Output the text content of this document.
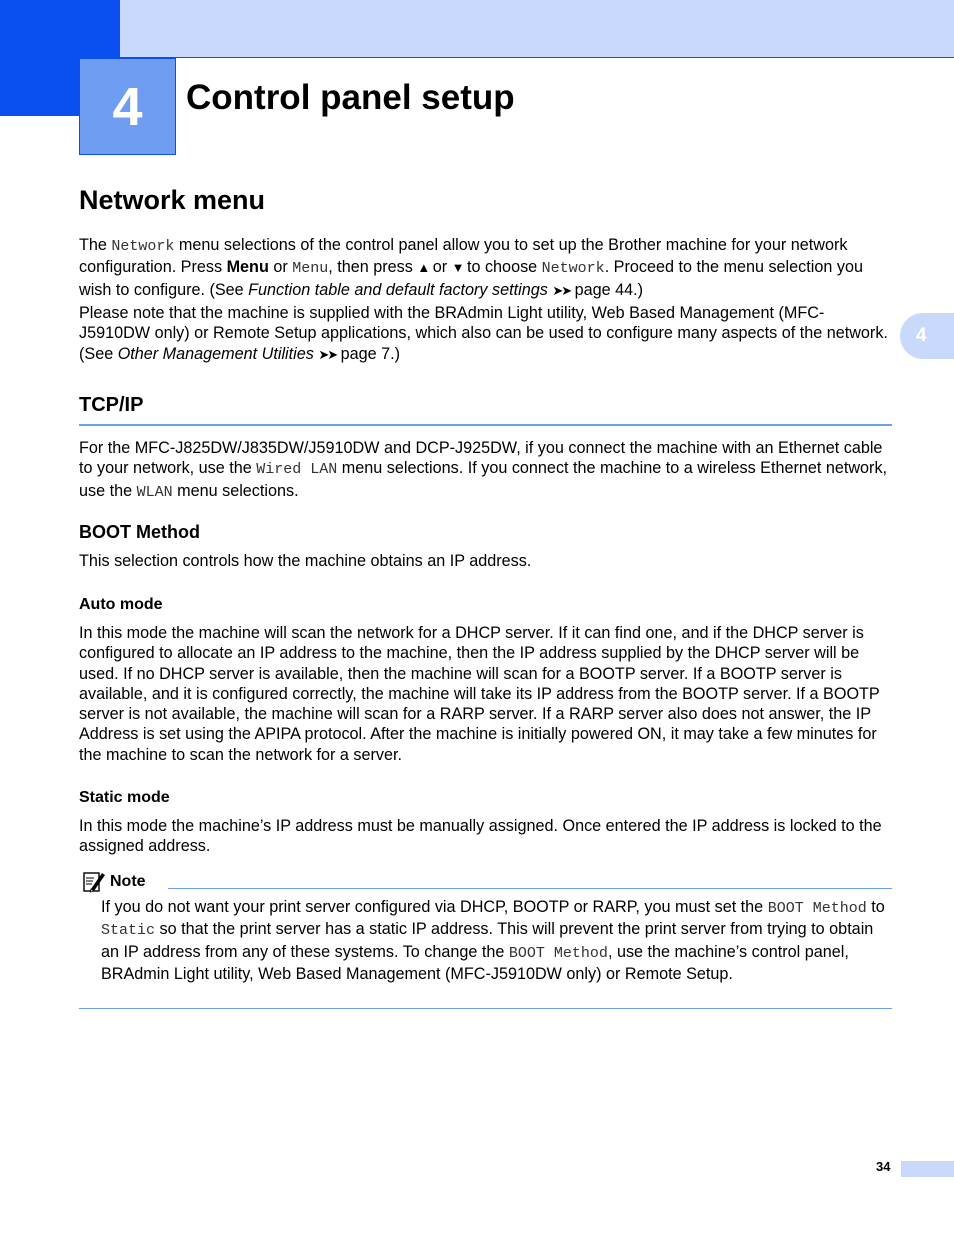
4	Control panel setup
4
Network menu

The Network menu selections of the control panel allow you to set up the Brother machine for your network configuration. Press Menu or Menu, then press ▲ or ▼ to choose Network. Proceed to the menu selection you wish to configure. (See Function table and default factory settings ➤➤ page 44.)

Please note that the machine is supplied with the BRAdmin Light utility, Web Based Management (MFC-J5910DW only) or Remote Setup applications, which also can be used to configure many aspects of the network. (See Other Management Utilities ➤➤ page 7.)

TCP/IP

For the MFC-J825DW/J835DW/J5910DW and DCP-J925DW, if you connect the machine with an Ethernet cable to your network, use the Wired LAN menu selections. If you connect the machine to a wireless Ethernet network, use the WLAN menu selections.

BOOT Method

This selection controls how the machine obtains an IP address.

Auto mode

In this mode the machine will scan the network for a DHCP server. If it can find one, and if the DHCP server is configured to allocate an IP address to the machine, then the IP address supplied by the DHCP server will be used. If no DHCP server is available, then the machine will scan for a BOOTP server. If a BOOTP server is available, and it is configured correctly, the machine will take its IP address from the BOOTP server. If a BOOTP server is not available, the machine will scan for a RARP server. If a RARP server also does not answer, the IP Address is set using the APIPA protocol. After the machine is initially powered ON, it may take a few minutes for the machine to scan the network for a server.

Static mode

In this mode the machine’s IP address must be manually assigned. Once entered the IP address is locked to the assigned address.

Note

If you do not want your print server configured via DHCP, BOOTP or RARP, you must set the BOOT Method to Static so that the print server has a static IP address. This will prevent the print server from trying to obtain an IP address from any of these systems. To change the BOOT Method, use the machine’s control panel, BRAdmin Light utility, Web Based Management (MFC-J5910DW only) or Remote Setup.

34
